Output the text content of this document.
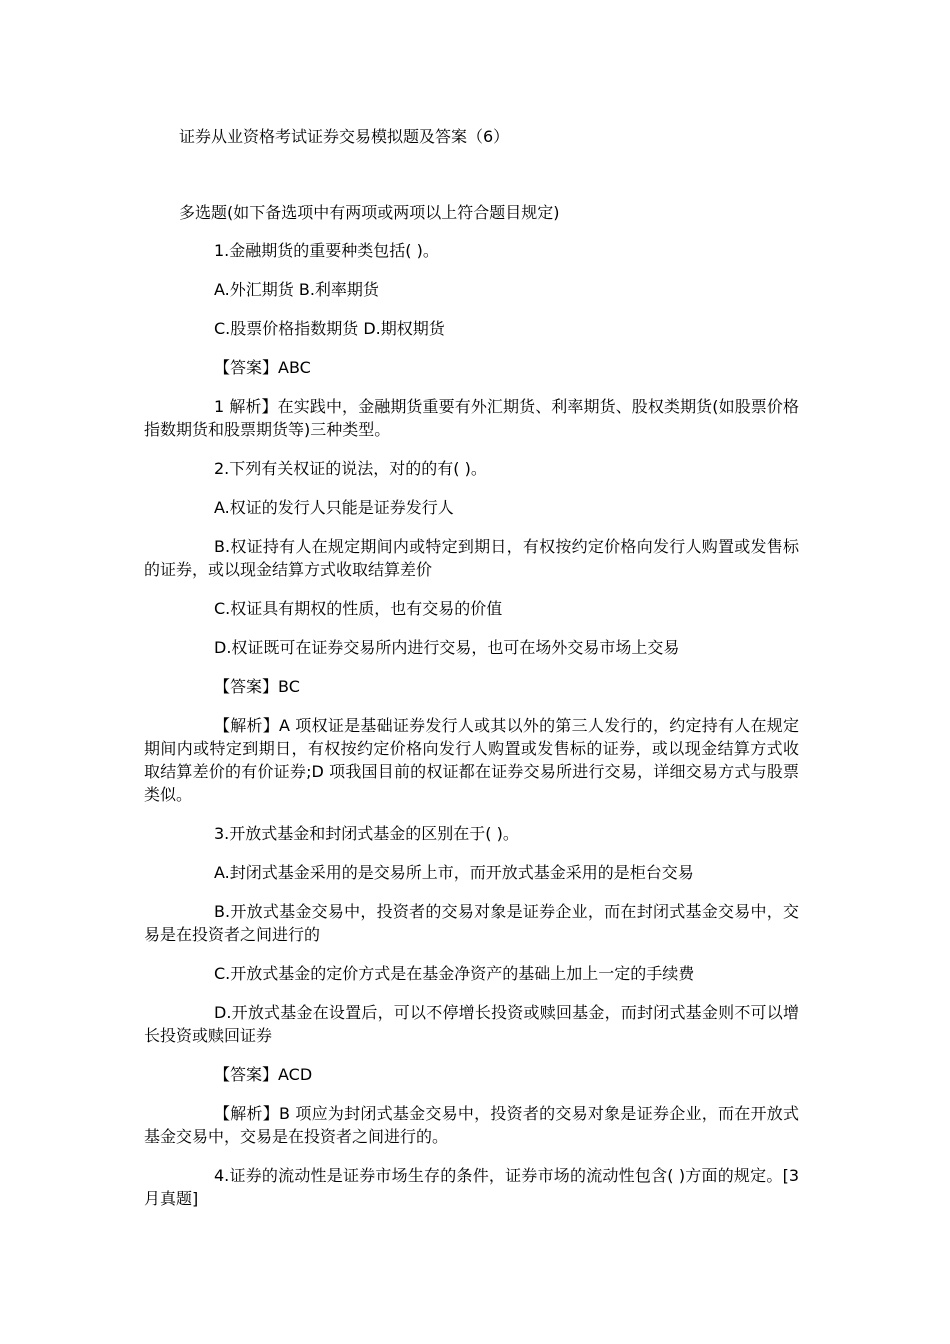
证券从业资格考试证券交易模拟题及答案（6）
多选题(如下备选项中有两项或两项以上符合题目规定)

1.金融期货的重要种类包括( )。

A.外汇期货 B.利率期货

C.股票价格指数期货 D.期权期货

【答案】ABC

1 解析】在实践中，金融期货重要有外汇期货、利率期货、股权类期货(如股票价格指数期货和股票期货等)三种类型。

2.下列有关权证的说法，对的的有( )。

A.权证的发行人只能是证券发行人

B.权证持有人在规定期间内或特定到期日，有权按约定价格向发行人购置或发售标的证券，或以现金结算方式收取结算差价

C.权证具有期权的性质，也有交易的价值

D.权证既可在证券交易所内进行交易，也可在场外交易市场上交易

【答案】BC

【解析】A 项权证是基础证券发行人或其以外的第三人发行的，约定持有人在规定期间内或特定到期日，有权按约定价格向发行人购置或发售标的证券，或以现金结算方式收取结算差价的有价证券;D 项我国目前的权证都在证券交易所进行交易，详细交易方式与股票类似。

3.开放式基金和封闭式基金的区别在于( )。

A.封闭式基金采用的是交易所上市，而开放式基金采用的是柜台交易

B.开放式基金交易中，投资者的交易对象是证券企业，而在封闭式基金交易中，交易是在投资者之间进行的

C.开放式基金的定价方式是在基金净资产的基础上加上一定的手续费

D.开放式基金在设置后，可以不停增长投资或赎回基金，而封闭式基金则不可以增长投资或赎回证券

【答案】ACD

【解析】B 项应为封闭式基金交易中，投资者的交易对象是证券企业，而在开放式基金交易中，交易是在投资者之间进行的。

4.证券的流动性是证券市场生存的条件，证券市场的流动性包含( )方面的规定。[3 月真题]
